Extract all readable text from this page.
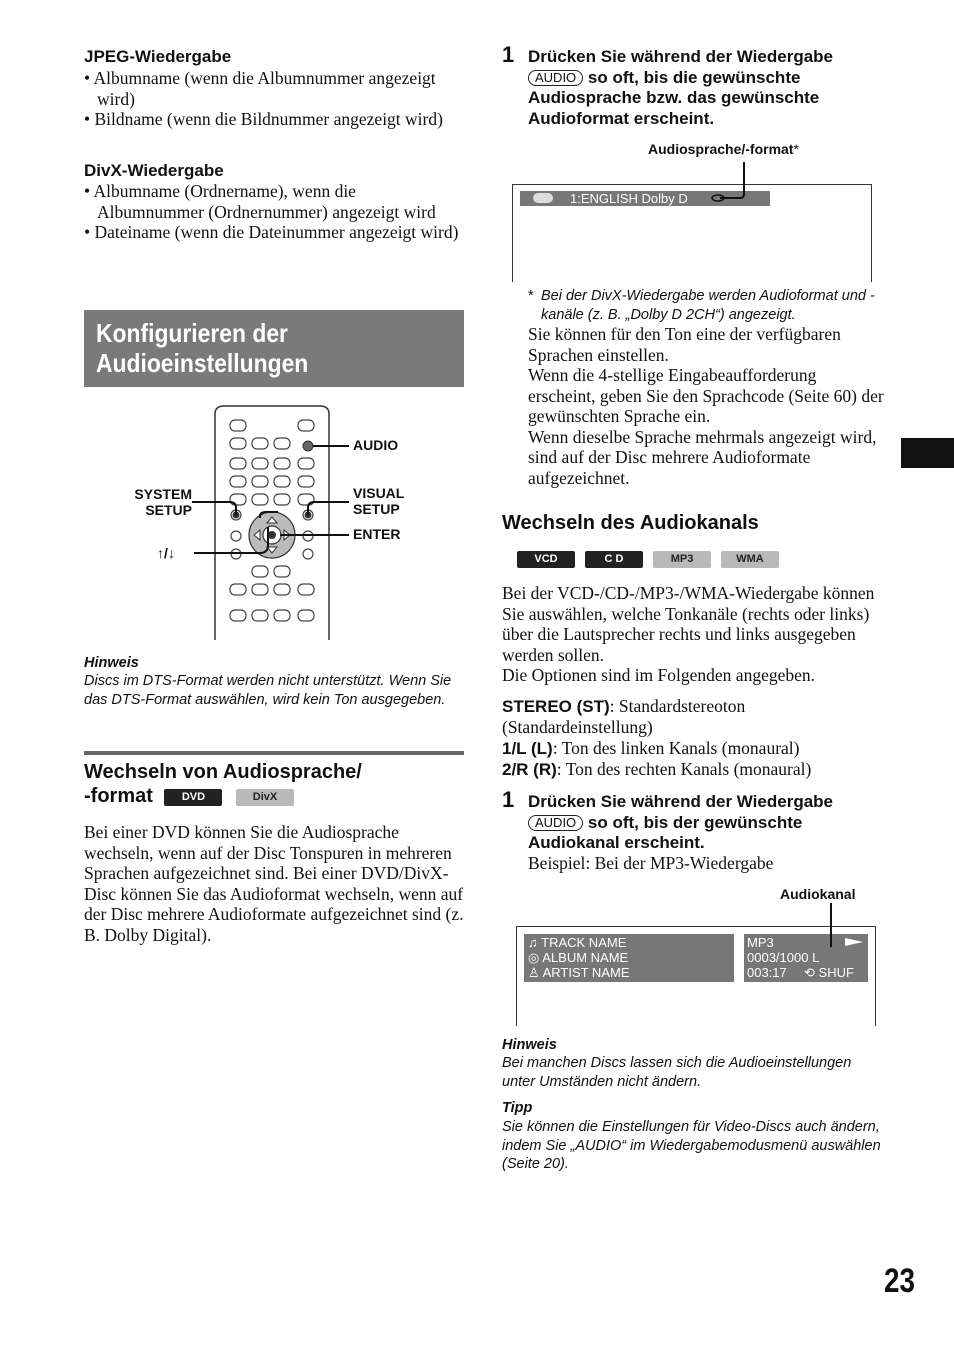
JPEG-Wiedergabe

• Albumname (wenn die Albumnummer angezeigt wird)

• Bildname (wenn die Bildnummer angezeigt wird)

DivX-Wiedergabe

• Albumname (Ordnername), wenn die Albumnummer (Ordnernummer) angezeigt wird

• Dateiname (wenn die Dateinummer angezeigt wird)

Konfigurieren der
Audioeinstellungen
AUDIO
SYSTEM
SETUP
VISUAL
SETUP
ENTER
↑/↓
Hinweis
Discs im DTS-Format werden nicht unterstützt. Wenn Sie das DTS-Format auswählen, wird kein Ton ausgegeben.
Wechseln von Audiosprache/
-format	DVD	DivX
Bei einer DVD können Sie die Audiosprache wechseln, wenn auf der Disc Tonspuren in mehreren Sprachen aufgezeichnet sind. Bei einer DVD/DivX-Disc können Sie das Audioformat wechseln, wenn auf der Disc mehrere Audioformate aufgezeichnet sind (z. B. Dolby Digital).
1 Drücken Sie während der Wiedergabe AUDIO so oft, bis die gewünschte Audiosprache bzw. das gewünschte Audioformat erscheint.
Audiosprache/-format*
1:ENGLISH Dolby D
* Bei der DivX-Wiedergabe werden Audioformat und -kanäle (z. B. „Dolby D 2CH“) angezeigt.
Sie können für den Ton eine der verfügbaren Sprachen einstellen.
Wenn die 4-stellige Eingabeaufforderung erscheint, geben Sie den Sprachcode (Seite 60) der gewünschten Sprache ein.
Wenn dieselbe Sprache mehrmals angezeigt wird, sind auf der Disc mehrere Audioformate aufgezeichnet.
Wechseln des Audiokanals
VCD	C D	MP3	WMA
Bei der VCD-/CD-/MP3-/WMA-Wiedergabe können Sie auswählen, welche Tonkanäle (rechts oder links) über die Lautsprecher rechts und links ausgegeben werden sollen.
Die Optionen sind im Folgenden angegeben.
STEREO (ST): Standardstereoton (Standardeinstellung)
1/L (L): Ton des linken Kanals (monaural)
2/R (R): Ton des rechten Kanals (monaural)
1 Drücken Sie während der Wiedergabe AUDIO so oft, bis der gewünschte Audiokanal erscheint.
Beispiel: Bei der MP3-Wiedergabe
Audiokanal
♫ TRACK NAME
◎ ALBUM NAME
♙ ARTIST NAME
MP3
0003/1000 L
003:17 ⟲ SHUF
Hinweis
Bei manchen Discs lassen sich die Audioeinstellungen unter Umständen nicht ändern.
Tipp
Sie können die Einstellungen für Video-Discs auch ändern, indem Sie „AUDIO“ im Wiedergabemodusmenü auswählen (Seite 20).
23
